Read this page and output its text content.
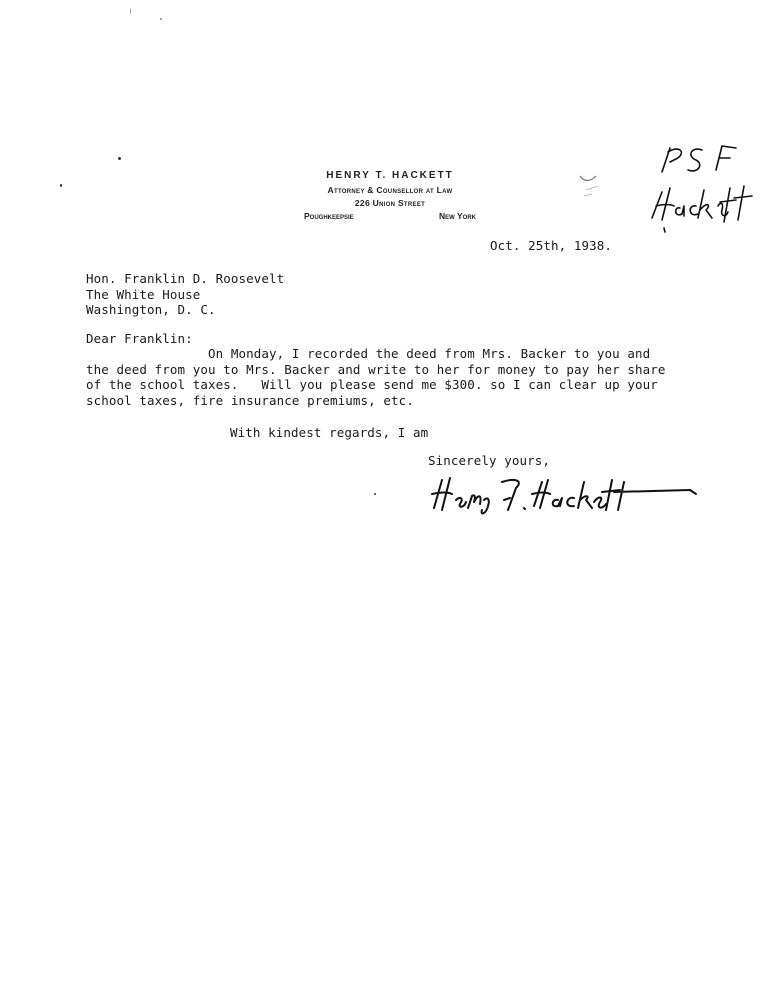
HENRY T. HACKETT
Attorney & Counsellor at Law
226 Union Street
Poughkeepsie	New York
Oct. 25th, 1938.
Hon. Franklin D. Roosevelt
The White House
Washington, D. C.
Dear Franklin:
On Monday, I recorded the deed from Mrs. Backer to you and
the deed from you to Mrs. Backer and write to her for money to pay her share
of the school taxes.   Will you please send me $300. so I can clear up your
school taxes, fire insurance premiums, etc.
With kindest regards, I am
Sincerely yours,
